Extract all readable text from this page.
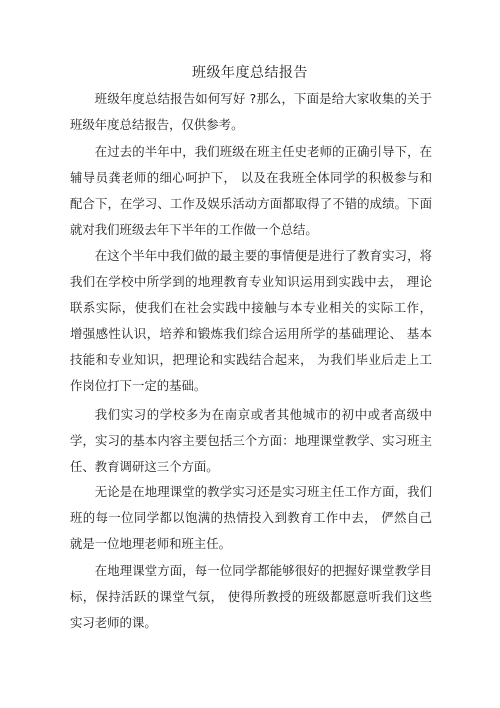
班级年度总结报告

班级年度总结报告如何写好 ?那么，下面是给大家收集的关于班级年度总结报告，仅供参考。

在过去的半年中，我们班级在班主任史老师的正确引导下，在辅导员龚老师的细心呵护下， 以及在我班全体同学的积极参与和配合下，在学习、工作及娱乐活动方面都取得了不错的成绩。下面就对我们班级去年下半年的工作做一个总结。

在这个半年中我们做的最主要的事情便是进行了教育实习，将我们在学校中所学到的地理教育专业知识运用到实践中去， 理论联系实际，使我们在社会实践中接触与本专业相关的实际工作， 增强感性认识，培养和锻炼我们综合运用所学的基础理论、 基本技能和专业知识，把理论和实践结合起来， 为我们毕业后走上工作岗位打下一定的基础。

我们实习的学校多为在南京或者其他城市的初中或者高级中学，实习的基本内容主要包括三个方面：地理课堂教学、实习班主任、教育调研这三个方面。

无论是在地理课堂的教学实习还是实习班主任工作方面，我们班的每一位同学都以饱满的热情投入到教育工作中去， 俨然自己就是一位地理老师和班主任。

在地理课堂方面，每一位同学都能够很好的把握好课堂教学目标，保持活跃的课堂气氛， 使得所教授的班级都愿意听我们这些实习老师的课。
